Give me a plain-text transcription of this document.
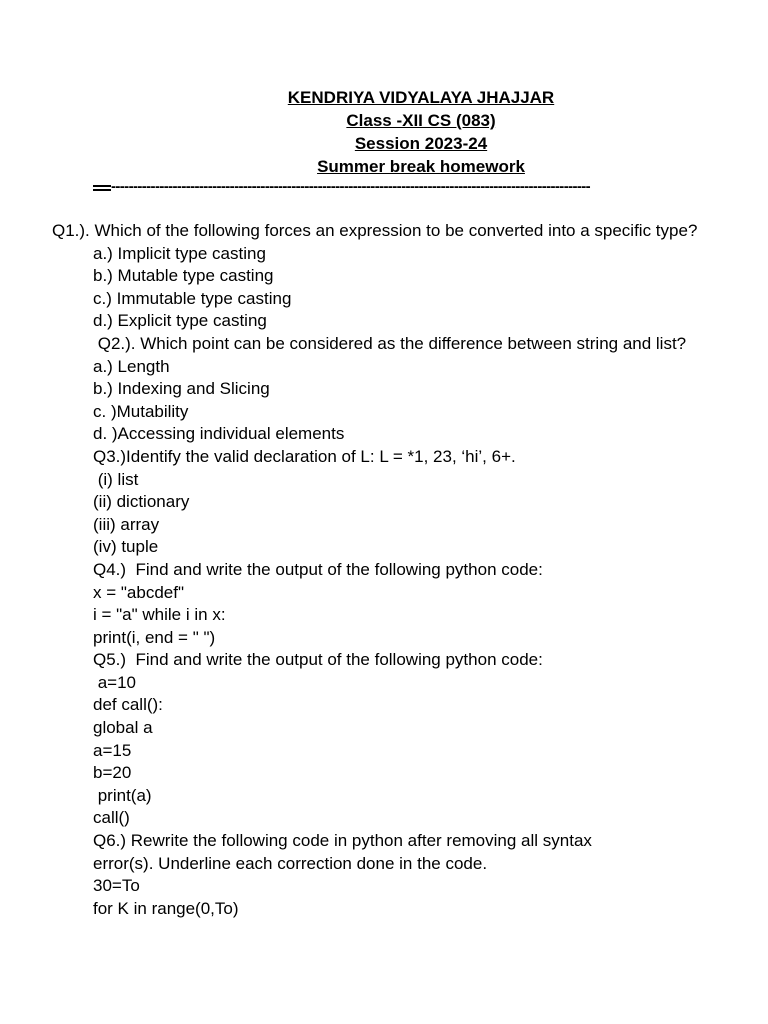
KENDRIYA VIDYALAYA JHAJJAR
Class -XII CS (083)
Session 2023-24
Summer break homework
-------------------------------------------------------------------------------------------------------------
Q1.). Which of the following forces an expression to be converted into a specific type?
a.) Implicit type casting
b.) Mutable type casting
c.) Immutable type casting
d.) Explicit type casting
Q2.). Which point can be considered as the difference between string and list?
a.) Length
b.) Indexing and Slicing
c. )Mutability
d. )Accessing individual elements
Q3.)Identify the valid declaration of L: L = *1, 23, ‘hi’, 6+.
(i) list
(ii) dictionary
(iii) array
(iv) tuple
Q4.)  Find and write the output of the following python code:
x = "abcdef"
i = "a" while i in x:
print(i, end = " ")
Q5.)  Find and write the output of the following python code:
a=10
def call():
global a
a=15
b=20
print(a)
call()
Q6.) Rewrite the following code in python after removing all syntax
error(s). Underline each correction done in the code.
30=To
for K in range(0,To)
